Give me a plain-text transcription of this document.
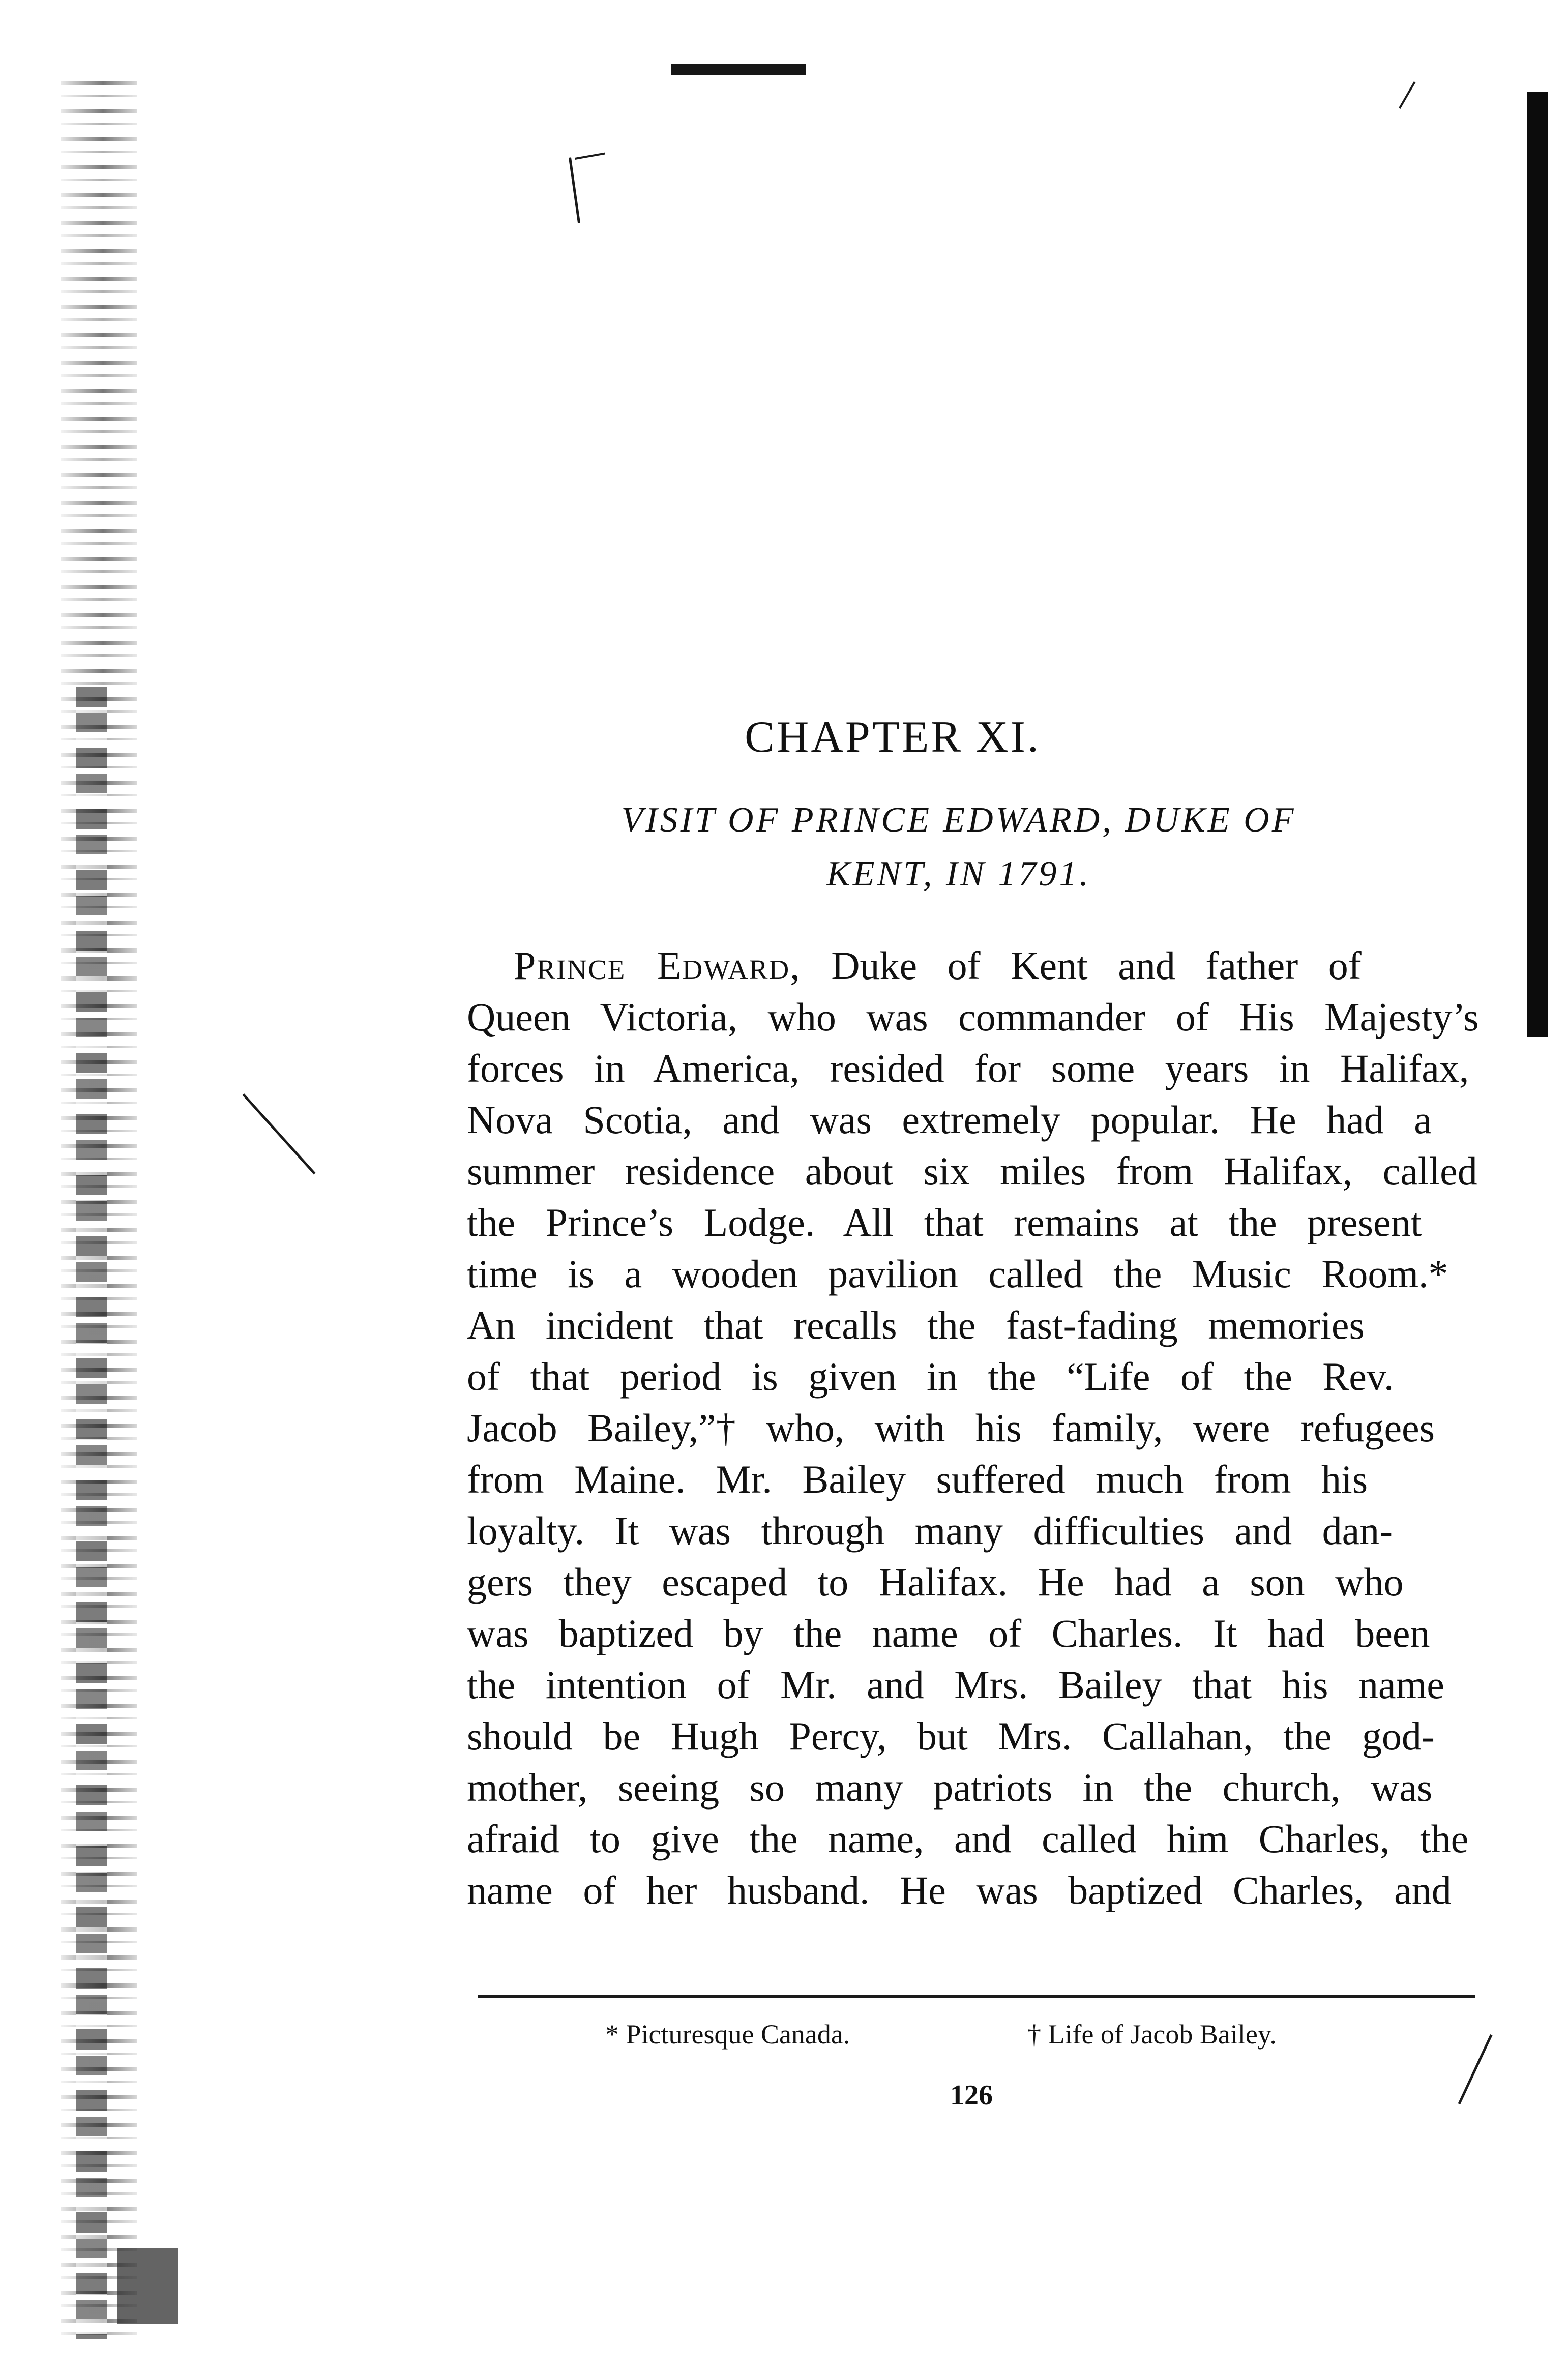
CHAPTER XI.
VISIT OF PRINCE EDWARD, DUKE OF
KENT, IN 1791.
Prince Edward, Duke of Kent and father of
Queen Victoria, who was commander of His Majesty’s
forces in America, resided for some years in Halifax,
Nova Scotia, and was extremely popular. He had a
summer residence about six miles from Halifax, called
the Prince’s Lodge. All that remains at the present
time is a wooden pavilion called the Music Room.*
An incident that recalls the fast-fading memories
of that period is given in the “Life of the Rev.
Jacob Bailey,”† who, with his family, were refugees
from Maine. Mr. Bailey suffered much from his
loyalty. It was through many difficulties and dan-
gers they escaped to Halifax. He had a son who
was baptized by the name of Charles. It had been
the intention of Mr. and Mrs. Bailey that his name
should be Hugh Percy, but Mrs. Callahan, the god-
mother, seeing so many patriots in the church, was
afraid to give the name, and called him Charles, the
name of her husband. He was baptized Charles, and

* Picturesque Canada.	† Life of Jacob Bailey.

126
